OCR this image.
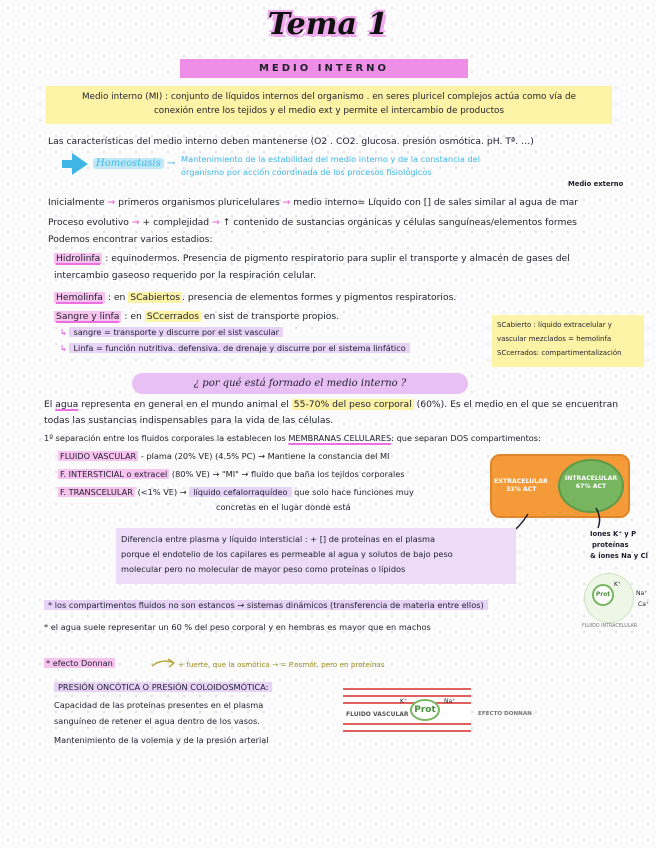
Tema 1
MEDIO INTERNO
Medio interno (MI) : conjunto de líquidos internos del organismo . en seres pluricel complejos actúa como vía de
conexión entre los tejidos y el medio ext y permite el intercambio de productos
Las características del medio interno deben mantenerse (O2 . CO2. glucosa. presión osmótica. pH. Tª. …)
Homeostasis → Mantenimiento de la estabilidad del medio interno y de la constancia del
organismo por acción coordinada de los procesos fisiológicos
Medio externo
Inicialmente → primeros organismos pluricelulares → medio interno= Líquido con [] de sales similar al agua de mar
Proceso evolutivo → + complejidad → ↑ contenido de sustancias orgánicas y células sanguíneas/elementos formes
Podemos encontrar varios estadios:
Hidrolinfa : equinodermos. Presencia de pigmento respiratorio para suplir el transporte y almacén de gases del
intercambio gaseoso requerido por la respiración celular.
Hemolinfa : en SCabiertos . presencia de elementos formes y pigmentos respiratorios.
Sangre y linfa : en SCcerrados en sist de transporte propios.
↳ sangre = transporte y discurre por el sist vascular
↳ Linfa = función nutritiva. defensiva. de drenaje y discurre por el sistema linfático
SCabierto : líquido extracelular y
vascular mezclados = hemolinfa
SCcerrados: compartimentalización
¿ por qué está formado el medio interno ?
El agua representa en general en el mundo animal el 55-70% del peso corporal (60%). Es el medio en el que se encuentran
todas las sustancias indispensables para la vida de las células.
1º separación entre los fluidos corporales la establecen los MEMBRANAS CELULARES: que separan DOS compartimentos:
FLUIDO VASCULAR - plama (20% VE) (4.5% PC) → Mantiene la constancia del MI
F. INTERSTICIAL o extracel (80% VE) → "MI" → fluido que baña los tejidos corporales
F. TRANSCELULAR (<1% VE) → líquido cefalorraquídeo que solo hace funciones muy
concretas en el lugar donde está
EXTRACELULAR
33% ACT
INTRACELULAR
67% ACT
Iones K⁺ y P
proteínas
& iones Na y Cl
Prot
K⁺
Na⁺
Ca⁺
FLUIDO INTRACELULAR
Diferencia entre plasma y líquido intersticial : + [] de proteínas en el plasma
porque el endotelio de los capilares es permeable al agua y solutos de bajo peso
molecular pero no molecular de mayor peso como proteínas o lípidos
* los compartimentos fluidos no son estancos → sistemas dinámicos (transferencia de materia entre ellos)
* el agua suele representar un 60 % del peso corporal y en hembras es mayor que en machos
* efecto Donnan	+ fuerte, que la osmótica → = P.osmót. pero en proteínas
PRESIÓN ONCÓTICA O PRESIÓN COLOIDOSMÓTICA:
Capacidad de las proteínas presentes en el plasma
sanguíneo de retener el agua dentro de los vasos.
Mantenimiento de la volemia y de la presión arterial
FLUIDO VASCULAR Prot
K⁺	Na⁺
EFECTO DONNAN
